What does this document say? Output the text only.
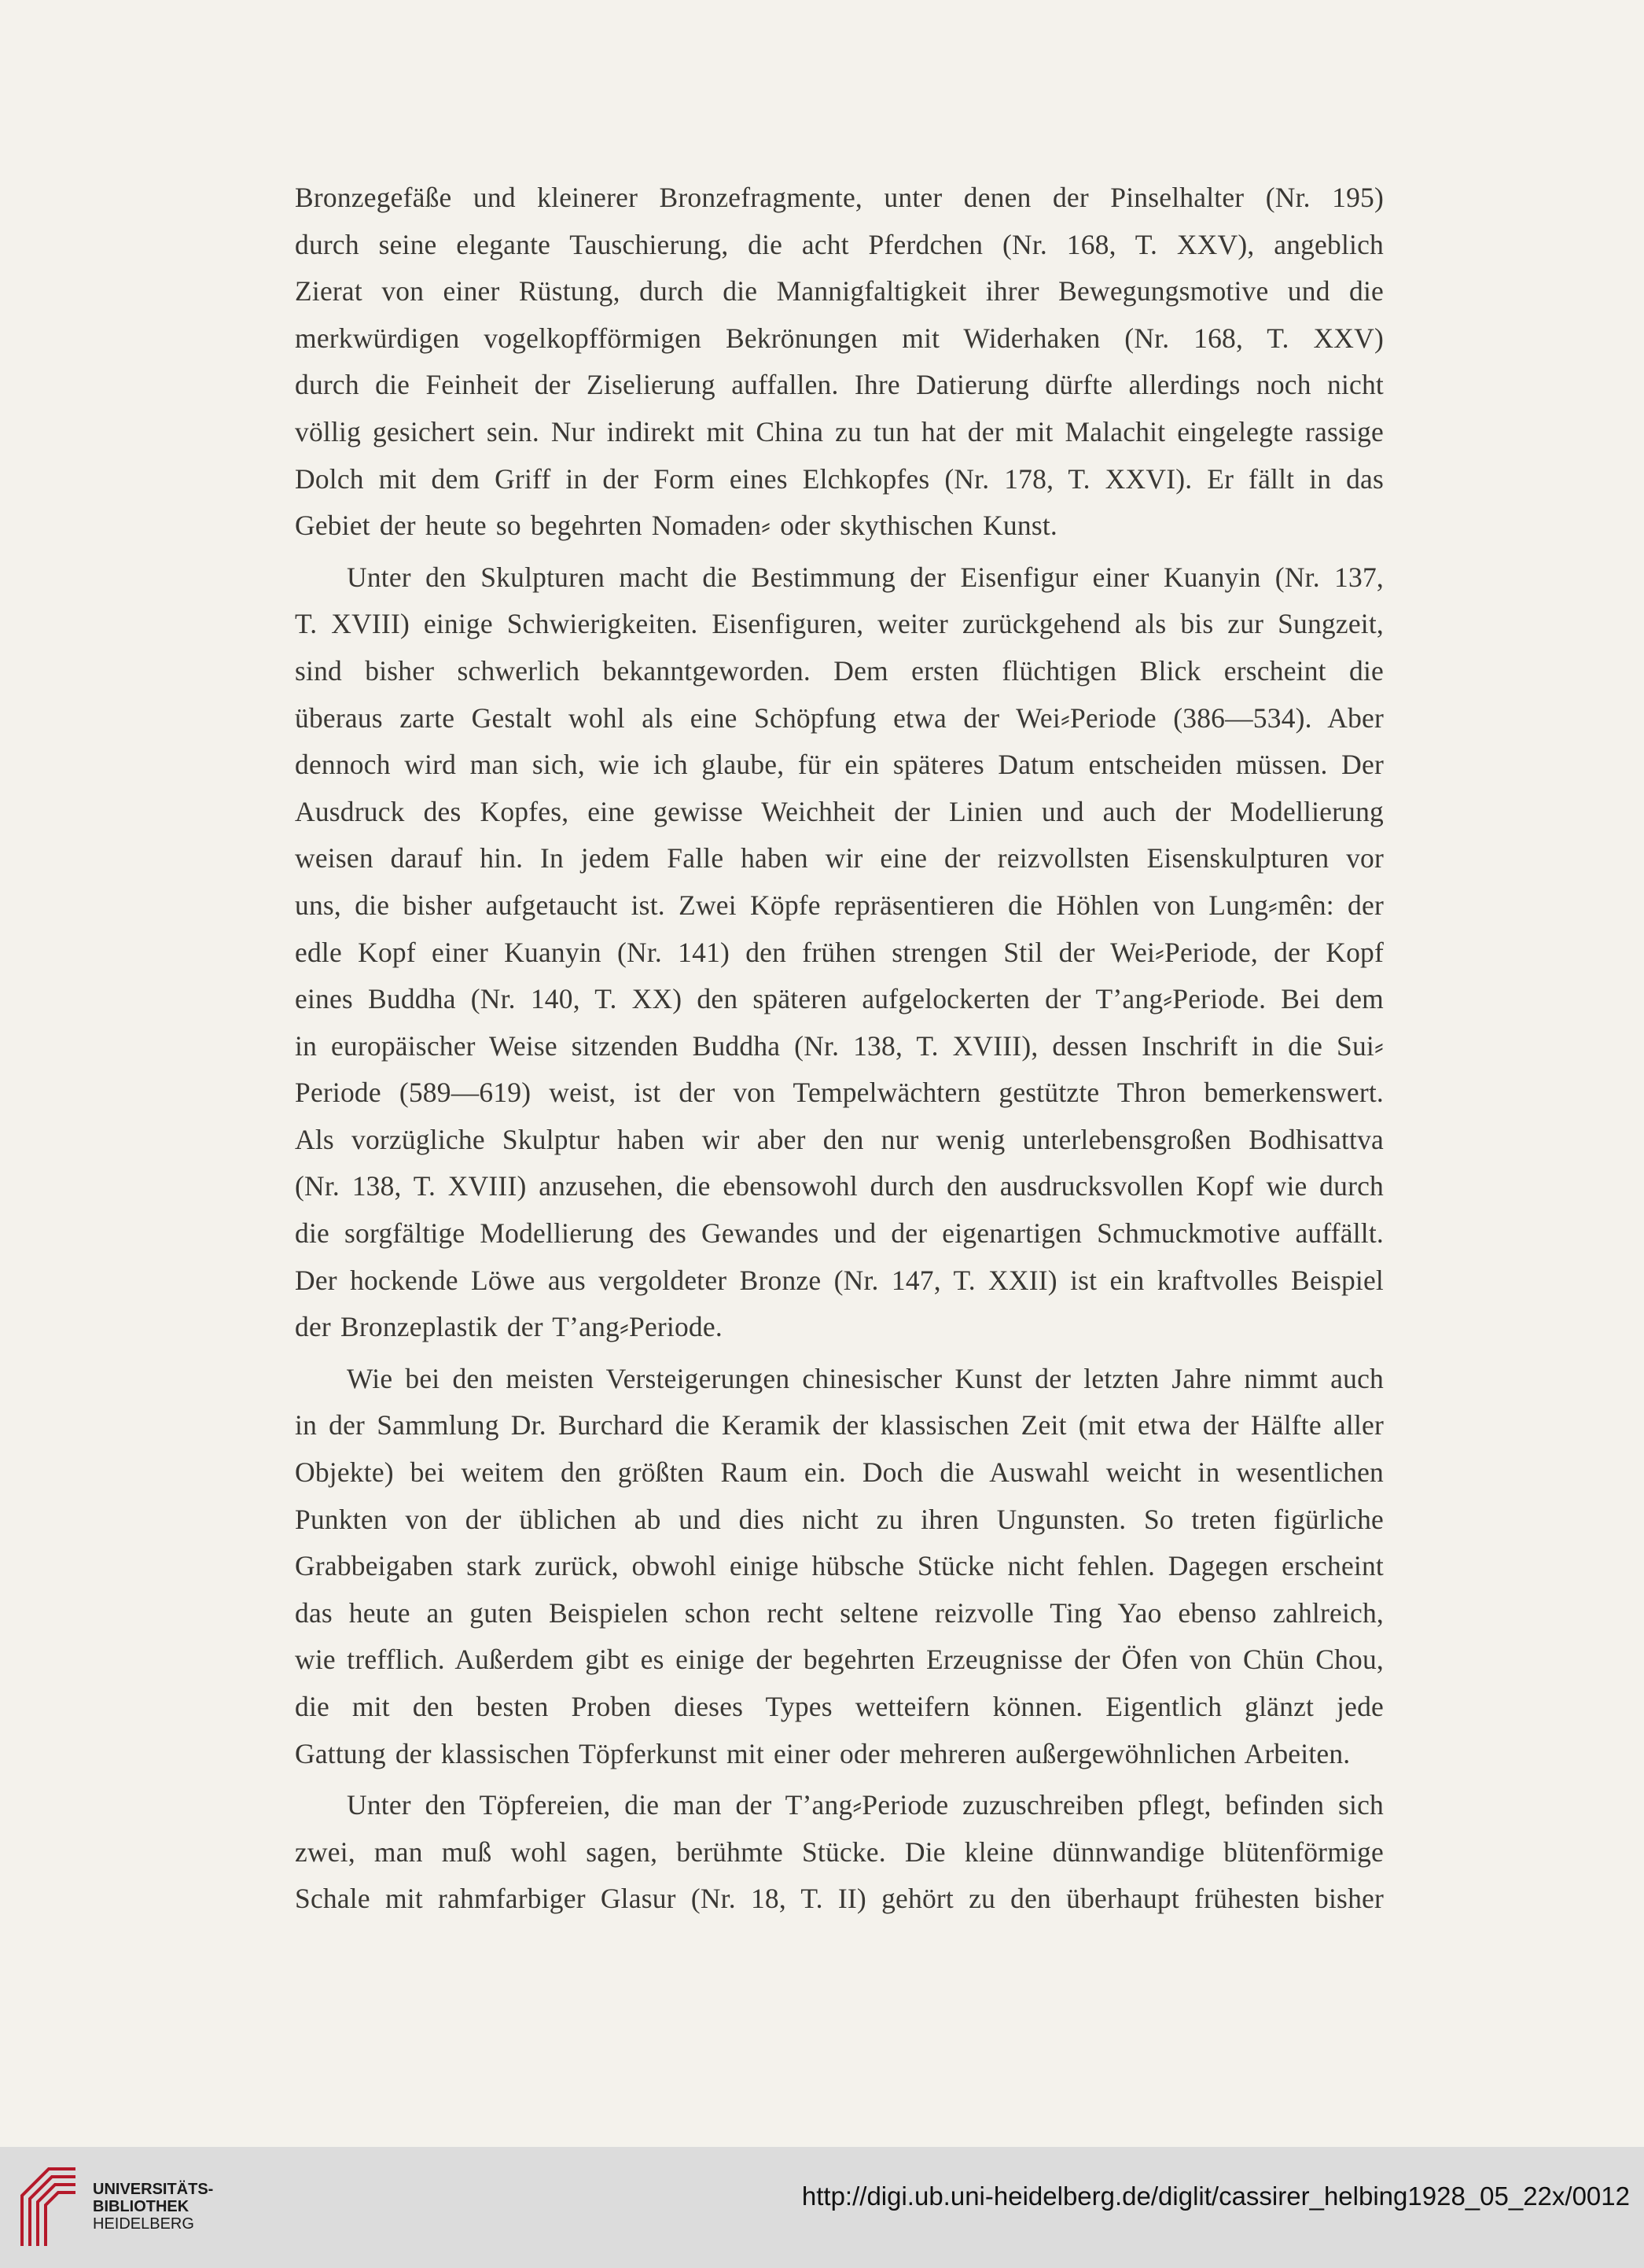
Bronzegefäße und kleinerer Bronzefragmente, unter denen der Pinselhalter (Nr. 195)
durch seine elegante Tauschierung, die acht Pferdchen (Nr. 168, T. XXV), angeblich
Zierat von einer Rüstung, durch die Mannigfaltigkeit ihrer Bewegungsmotive und die
merkwürdigen vogelkopfförmigen Bekrönungen mit Widerhaken (Nr. 168, T. XXV)
durch die Feinheit der Ziselierung auffallen. Ihre Datierung dürfte allerdings noch nicht
völlig gesichert sein. Nur indirekt mit China zu tun hat der mit Malachit eingelegte rassige
Dolch mit dem Griff in der Form eines Elchkopfes (Nr. 178, T. XXVI). Er fällt in das
Gebiet der heute so begehrten Nomaden⸗ oder skythischen Kunst.
Unter den Skulpturen macht die Bestimmung der Eisenfigur einer Kuanyin (Nr. 137,
T. XVIII) einige Schwierigkeiten. Eisenfiguren, weiter zurückgehend als bis zur Sungzeit,
sind bisher schwerlich bekanntgeworden. Dem ersten flüchtigen Blick erscheint die
überaus zarte Gestalt wohl als eine Schöpfung etwa der Wei⸗Periode (386—534). Aber
dennoch wird man sich, wie ich glaube, für ein späteres Datum entscheiden müssen. Der
Ausdruck des Kopfes, eine gewisse Weichheit der Linien und auch der Modellierung
weisen darauf hin. In jedem Falle haben wir eine der reizvollsten Eisenskulpturen vor
uns, die bisher aufgetaucht ist. Zwei Köpfe repräsentieren die Höhlen von Lung⸗mên: der
edle Kopf einer Kuanyin (Nr. 141) den frühen strengen Stil der Wei⸗Periode, der Kopf
eines Buddha (Nr. 140, T. XX) den späteren aufgelockerten der T’ang⸗Periode. Bei dem
in europäischer Weise sitzenden Buddha (Nr. 138, T. XVIII), dessen Inschrift in die Sui⸗
Periode (589—619) weist, ist der von Tempelwächtern gestützte Thron bemerkenswert.
Als vorzügliche Skulptur haben wir aber den nur wenig unterlebensgroßen Bodhisattva
(Nr. 138, T. XVIII) anzusehen, die ebensowohl durch den ausdrucksvollen Kopf wie durch
die sorgfältige Modellierung des Gewandes und der eigenartigen Schmuckmotive auffällt.
Der hockende Löwe aus vergoldeter Bronze (Nr. 147, T. XXII) ist ein kraftvolles Beispiel
der Bronzeplastik der T’ang⸗Periode.
Wie bei den meisten Versteigerungen chinesischer Kunst der letzten Jahre nimmt auch
in der Sammlung Dr. Burchard die Keramik der klassischen Zeit (mit etwa der Hälfte aller
Objekte) bei weitem den größten Raum ein. Doch die Auswahl weicht in wesentlichen
Punkten von der üblichen ab und dies nicht zu ihren Ungunsten. So treten figürliche
Grabbeigaben stark zurück, obwohl einige hübsche Stücke nicht fehlen. Dagegen erscheint
das heute an guten Beispielen schon recht seltene reizvolle Ting Yao ebenso zahlreich,
wie trefflich. Außerdem gibt es einige der begehrten Erzeugnisse der Öfen von Chün Chou,
die mit den besten Proben dieses Types wetteifern können. Eigentlich glänzt jede
Gattung der klassischen Töpferkunst mit einer oder mehreren außergewöhnlichen Arbeiten.
Unter den Töpfereien, die man der T’ang⸗Periode zuzuschreiben pflegt, befinden sich
zwei, man muß wohl sagen, berühmte Stücke. Die kleine dünnwandige blütenförmige
Schale mit rahmfarbiger Glasur (Nr. 18, T. II) gehört zu den überhaupt frühesten bisher
UNIVERSITÄTS-
BIBLIOTHEK
HEIDELBERG
http://digi.ub.uni-heidelberg.de/diglit/cassirer_helbing1928_05_22x/0012
